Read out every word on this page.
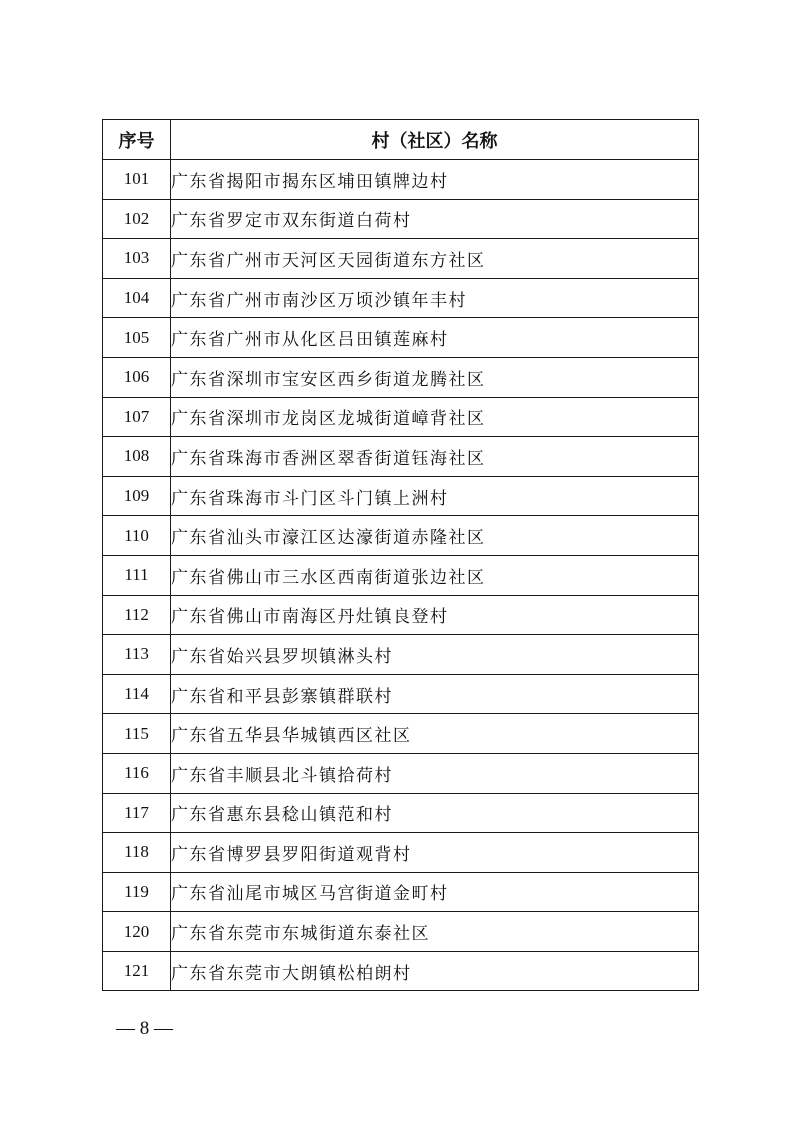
序号	村（社区）名称
101	广东省揭阳市揭东区埔田镇牌边村
102	广东省罗定市双东街道白荷村
103	广东省广州市天河区天园街道东方社区
104	广东省广州市南沙区万顷沙镇年丰村
105	广东省广州市从化区吕田镇莲麻村
106	广东省深圳市宝安区西乡街道龙腾社区
107	广东省深圳市龙岗区龙城街道嶂背社区
108	广东省珠海市香洲区翠香街道钰海社区
109	广东省珠海市斗门区斗门镇上洲村
110	广东省汕头市濠江区达濠街道赤隆社区
111	广东省佛山市三水区西南街道张边社区
112	广东省佛山市南海区丹灶镇良登村
113	广东省始兴县罗坝镇淋头村
114	广东省和平县彭寨镇群联村
115	广东省五华县华城镇西区社区
116	广东省丰顺县北斗镇拾荷村
117	广东省惠东县稔山镇范和村
118	广东省博罗县罗阳街道观背村
119	广东省汕尾市城区马宫街道金町村
120	广东省东莞市东城街道东泰社区
121	广东省东莞市大朗镇松柏朗村
— 8 —
